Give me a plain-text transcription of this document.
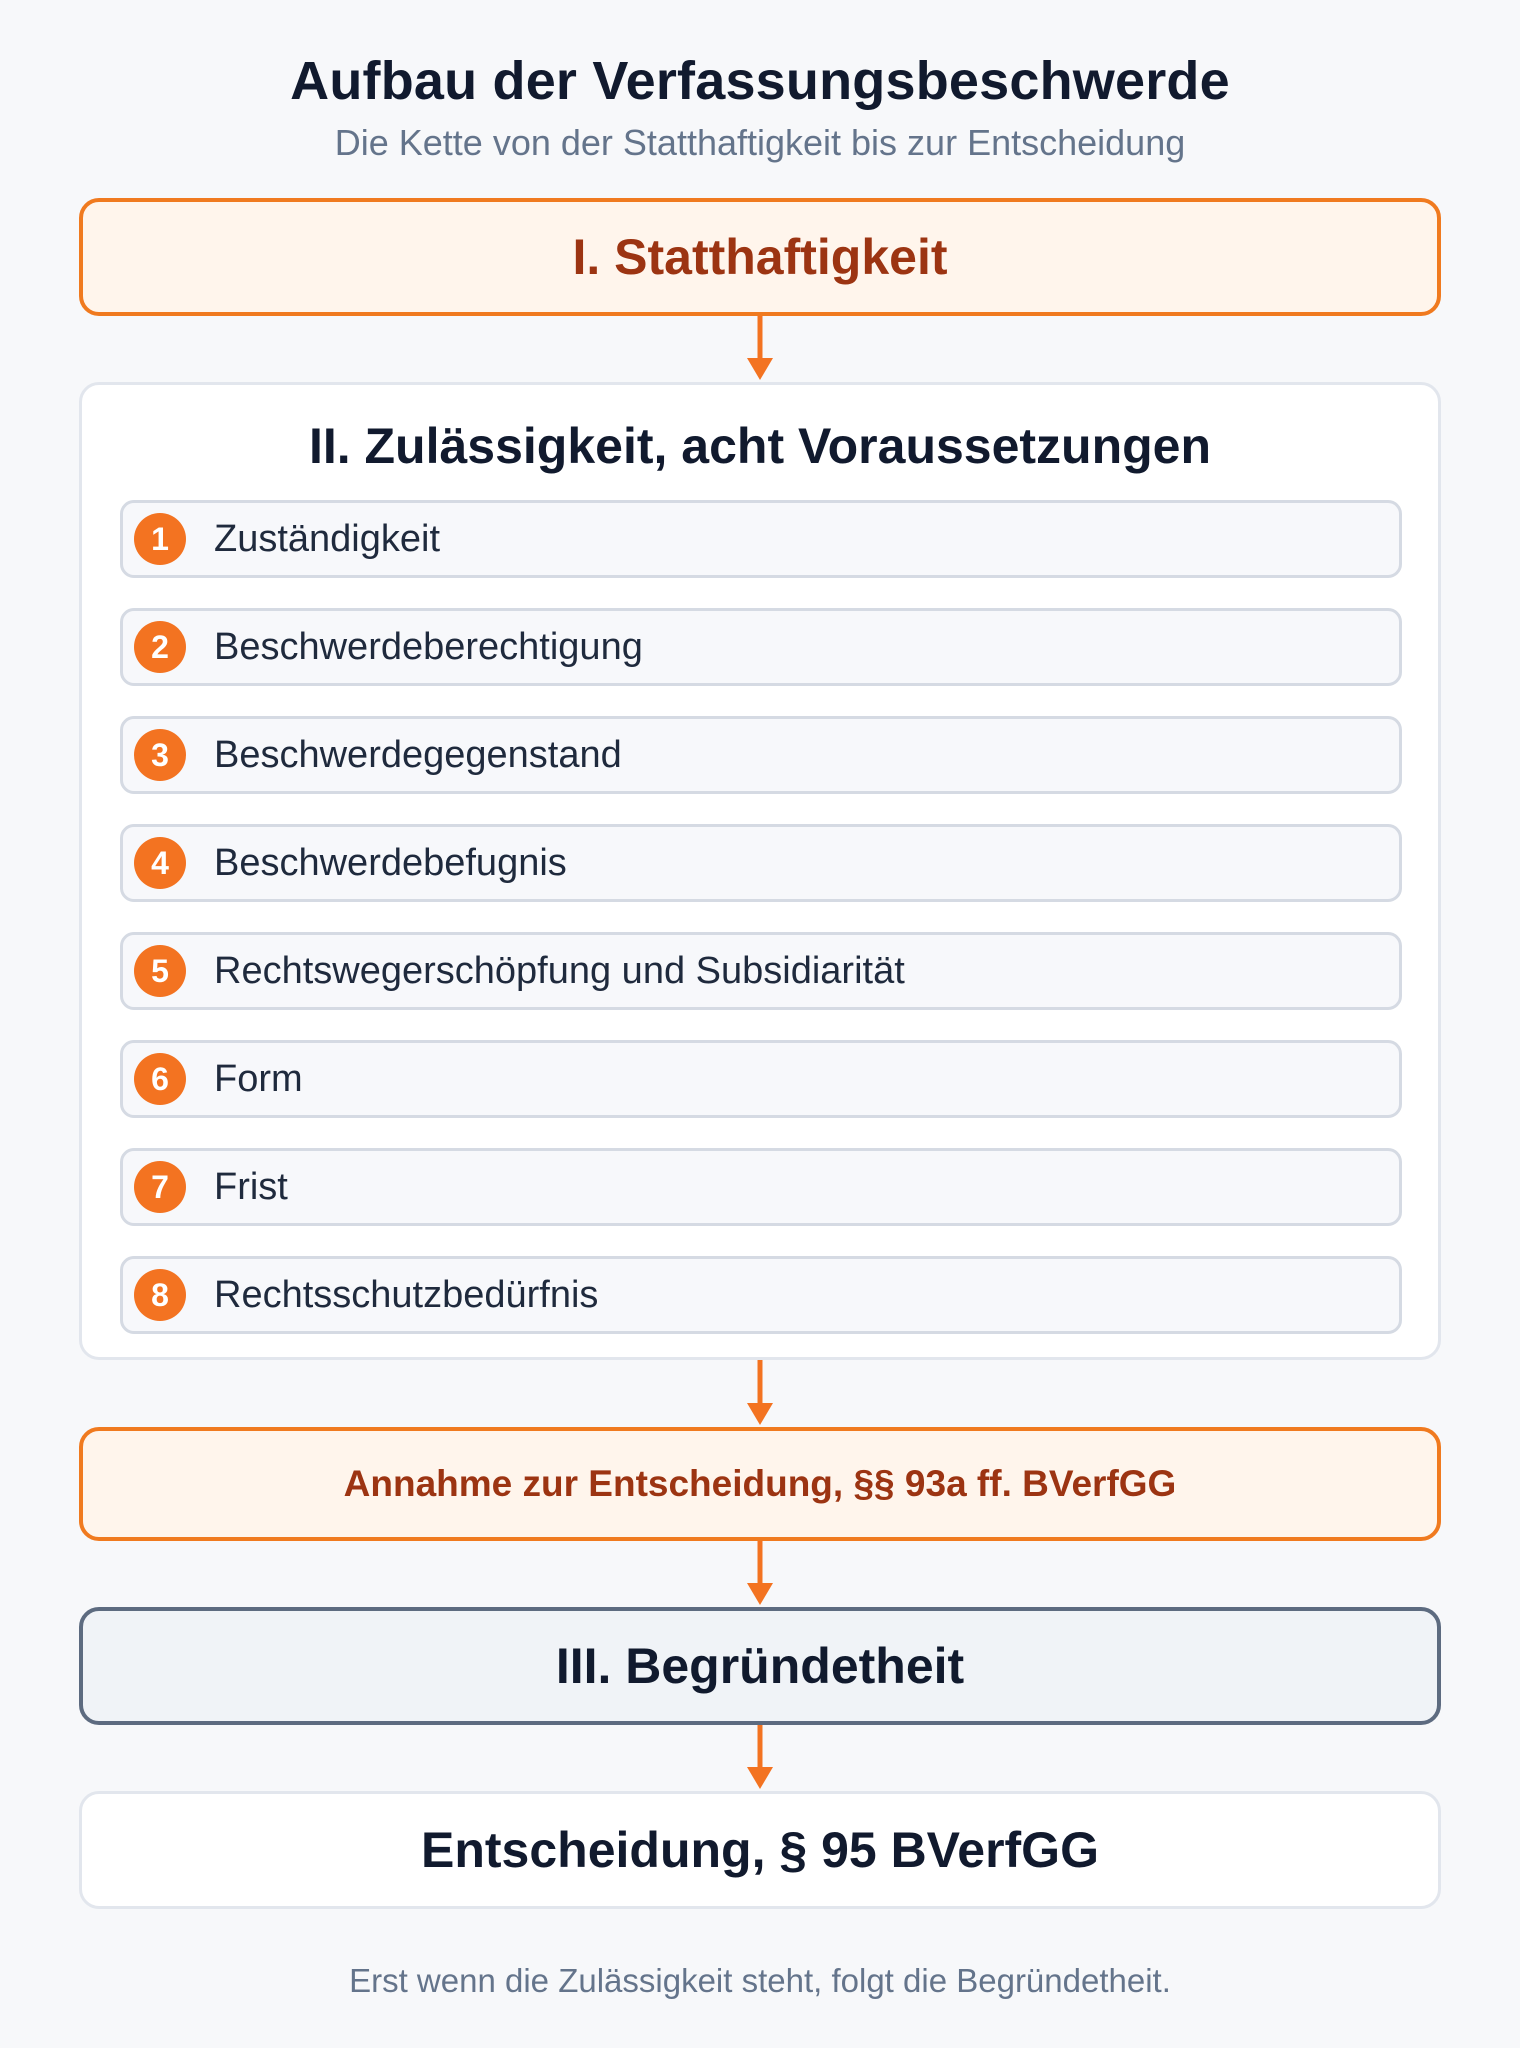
Aufbau der Verfassungsbeschwerde
Die Kette von der Statthaftigkeit bis zur Entscheidung
I. Statthaftigkeit
II. Zulässigkeit, acht Voraussetzungen
1	Zuständigkeit
2	Beschwerdeberechtigung
3	Beschwerdegegenstand
4	Beschwerdebefugnis
5	Rechtswegerschöpfung und Subsidiarität
6	Form
7	Frist
8	Rechtsschutzbedürfnis
Annahme zur Entscheidung, §§ 93a ff. BVerfGG
III. Begründetheit
Entscheidung, § 95 BVerfGG
Erst wenn die Zulässigkeit steht, folgt die Begründetheit.
